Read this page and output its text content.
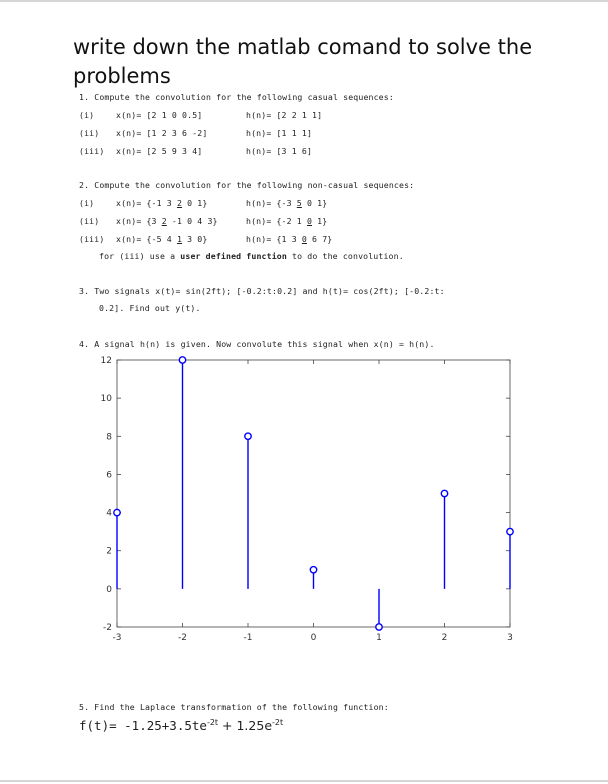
write down the matlab comand to solve the problems
1. Compute the convolution for the following casual sequences:
(i)	x(n)= [2 1 0 0.5]	h(n)= [2 2 1 1]
(ii) x(n)= [1 2 3 6 -2]	h(n)= [1 1 1]
(iii) x(n)= [2 5 9 3 4]	h(n)= [3 1 6]
2. Compute the convolution for the following non-casual sequences:
(i)	x(n)= {-1 3 2 0 1}	h(n)= {-3 5 0 1}
(ii) x(n)= {3 2 -1 0 4 3}	h(n)= {-2 1 0 1}
(iii) x(n)= {-5 4 1 3 0}	h(n)= {1 3 0 6 7}
for (iii) use a user defined function to do the convolution.
3. Two signals x(t)= sin(2ft); [-0.2:t:0.2] and h(t)= cos(2ft); [-0.2:t:
0.2]. Find out y(t).
4. A signal h(n) is given. Now convolute this signal when x(n) = h(n).
-3	-2	-1	0	1	2	3
-2
0
2
4
6
8
10
12
5. Find the Laplace transformation of the following function:
$f(t)= -1.25+3.5te^{-2t} + 1.25e^{-2t}$
